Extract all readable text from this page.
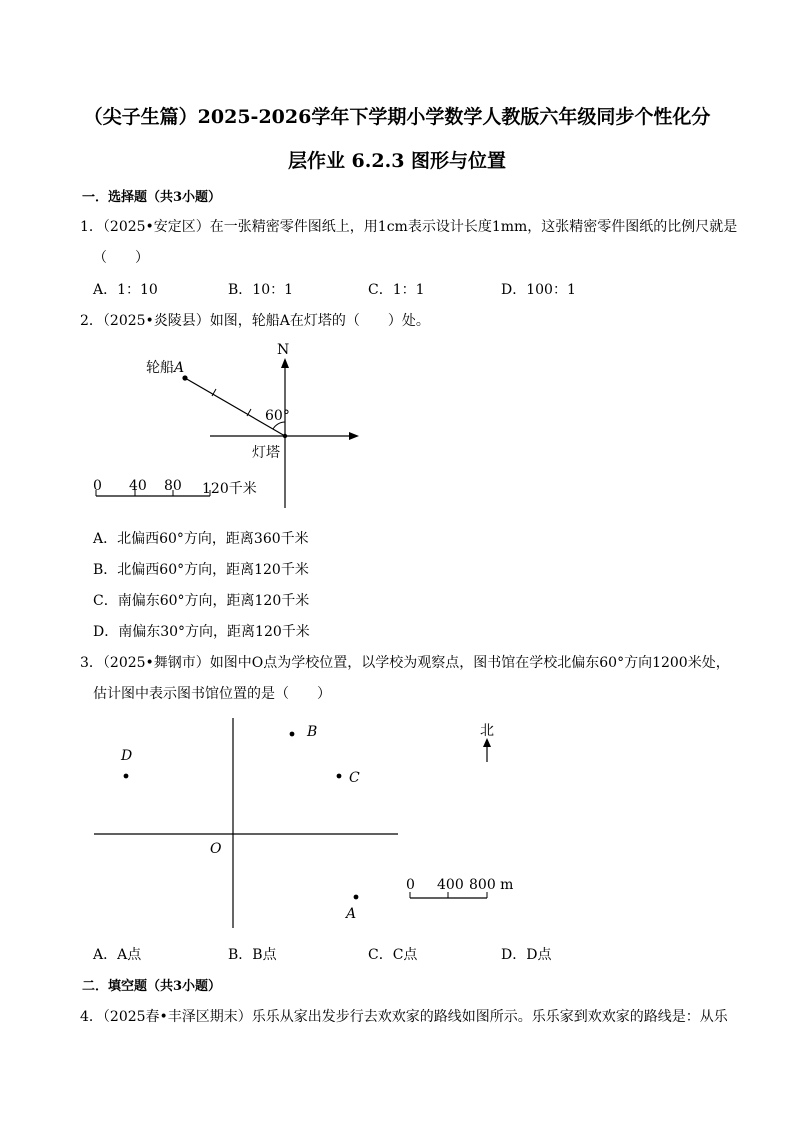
（尖子生篇）2025-2026学年下学期小学数学人教版六年级同步个性化分
层作业 6.2.3 图形与位置
一．选择题（共3小题）
1．（2025•安定区）在一张精密零件图纸上，用1cm表示设计长度1mm，这张精密零件图纸的比例尺就是
（　　）
A．1：10	B．10：1	C．1：1	D．100：1
2．（2025•炎陵县）如图，轮船A在灯塔的（　　）处。
轮船A
N
60°
灯塔
0 40 80 120千米
A．北偏西60°方向，距离360千米
B．北偏西60°方向，距离120千米
C．南偏东60°方向，距离120千米
D．南偏东30°方向，距离120千米
3．（2025•舞钢市）如图中O点为学校位置，以学校为观察点，图书馆在学校北偏东60°方向1200米处，
估计图中表示图书馆位置的是（　　）
B
D
C
O
A
北
0 400 800 m
A．A点	B．B点	C．C点	D．D点
二．填空题（共3小题）
4．（2025春•丰泽区期末）乐乐从家出发步行去欢欢家的路线如图所示。乐乐家到欢欢家的路线是：从乐
